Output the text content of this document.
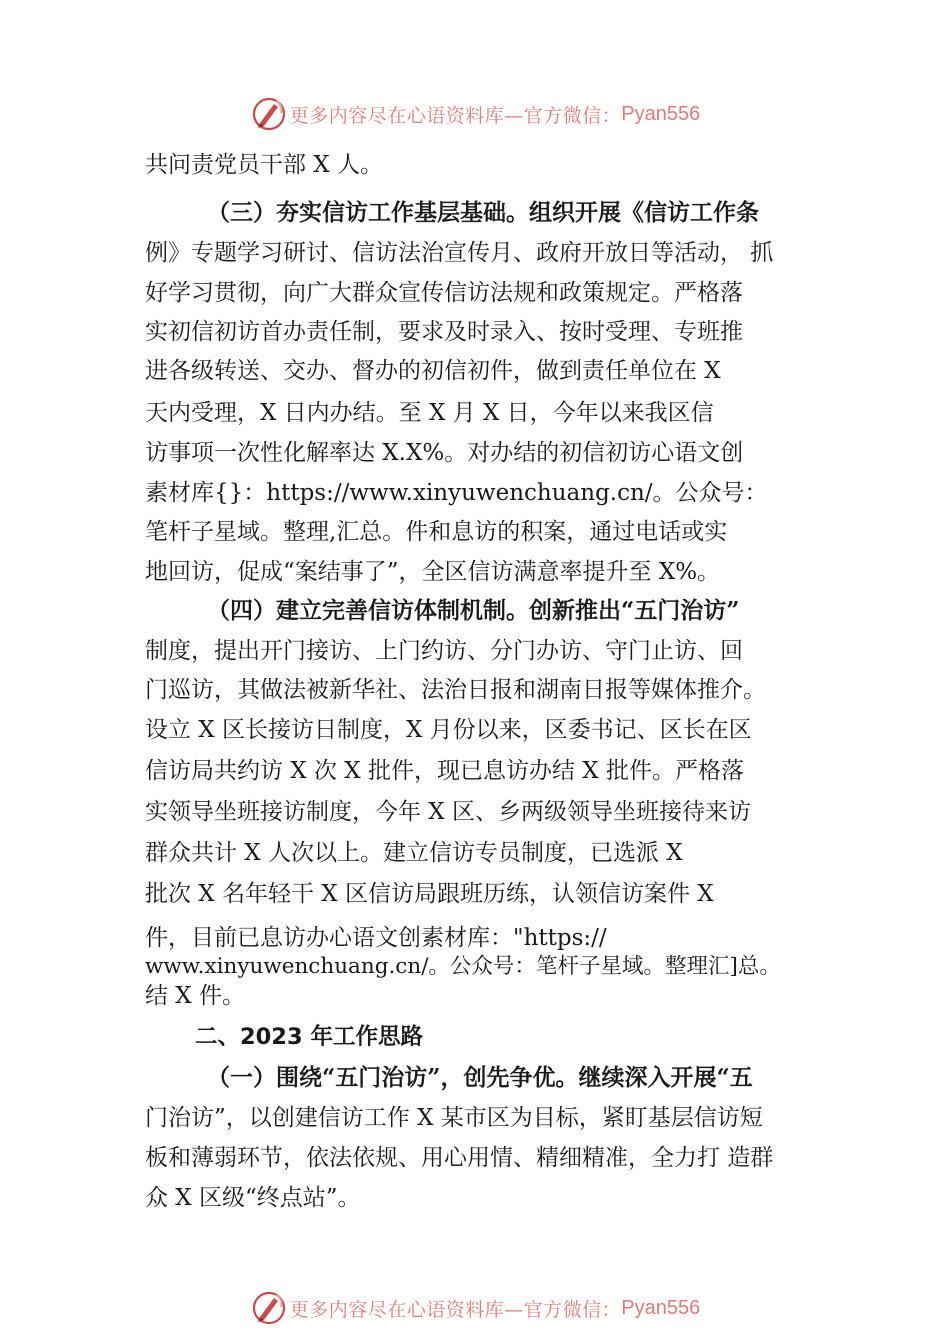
更多内容尽在心语资料库—官方微信： Pyan556
共问责党员干部 X 人。
（三）夯实信访工作基层基础。组织开展《信访工作条
例》专题学习研讨、信访法治宣传月、政府开放日等活动， 抓
好学习贯彻，向广大群众宣传信访法规和政策规定。严格落
实初信初访首办责任制，要求及时录入、按时受理、专班推
进各级转送、交办、督办的初信初件，做到责任单位在 X
天内受理，X 日内办结。至 X 月 X 日，今年以来我区信
访事项一次性化解率达 X.X%。对办结的初信初访心语文创
素材库{}：https://www.xinyuwenchuang.cn/。公众号：
笔杆子星域。整理,汇总。件和息访的积案，通过电话或实
地回访，促成“案结事了”，全区信访满意率提升至 X%。
（四）建立完善信访体制机制。创新推出“五门治访”
制度，提出开门接访、上门约访、分门办访、守门止访、回
门巡访，其做法被新华社、法治日报和湖南日报等媒体推介。
设立 X 区长接访日制度，X 月份以来，区委书记、区长在区
信访局共约访 X 次 X 批件，现已息访办结 X 批件。严格落
实领导坐班接访制度，今年 X 区、乡两级领导坐班接待来访
群众共计 X 人次以上。建立信访专员制度，已选派 X
批次 X 名年轻干 X 区信访局跟班历练，认领信访案件 X
件，目前已息访办心语文创素材库："https://
www.xinyuwenchuang.cn/。公众号：笔杆子星域。整理汇]总。
结 X 件。
二、2023 年工作思路
（一）围绕“五门治访”，创先争优。继续深入开展“五
门治访”，以创建信访工作 X 某市区为目标，紧盯基层信访短
板和薄弱环节，依法依规、用心用情、精细精准，全力打 造群
众 X 区级“终点站”。
更多内容尽在心语资料库—官方微信： Pyan556
